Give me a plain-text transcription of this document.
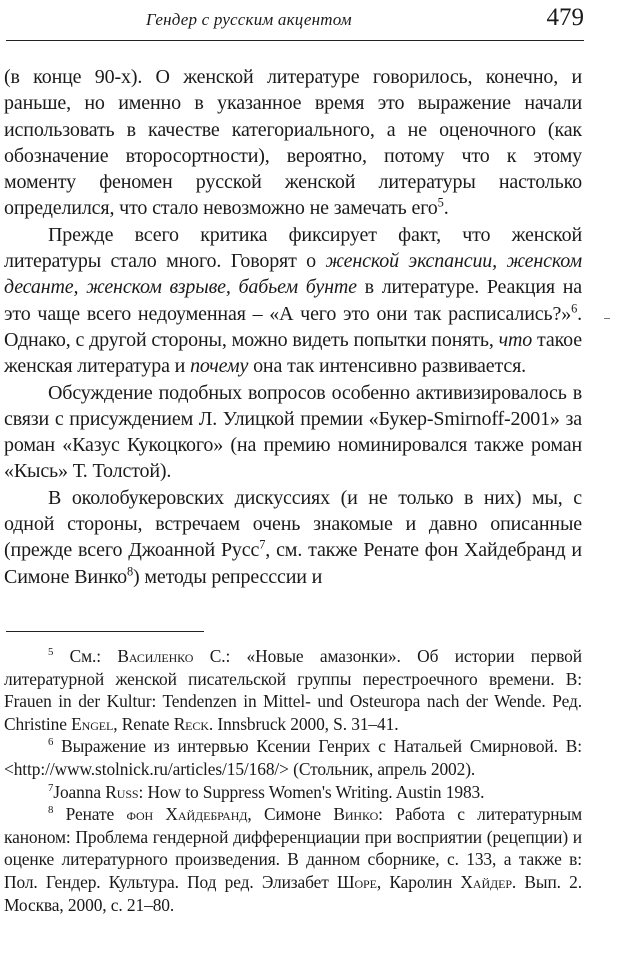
Гендер с русским акцентом	479

(в конце 90-х). О женской литературе говорилось, конечно, и раньше, но именно в указанное время это выражение начали использовать в качестве категориального, а не оценочного (как обозначение второсортности), вероятно, потому что к этому моменту феномен русской женской литературы настолько определился, что стало невозможно не замечать его$^5$.

Прежде всего критика фиксирует факт, что женской литературы стало много. Говорят о женской экспансии, женском десанте, женском взрыве, бабьем бунте в литературе. Реакция на это чаще всего недоуменная – «А чего это они так расписались?»$^6$. Однако, с другой стороны, можно видеть попытки понять, что такое женская литература и почему она так интенсивно развивается.

Обсуждение подобных вопросов особенно активизировалось в связи с присуждением Л. Улицкой премии «Букер-Smirnoff-2001» за роман «Казус Кукоцкого» (на премию номинировался также роман «Кысь» Т. Толстой).

В околобукеровских дискуссиях (и не только в них) мы, с одной стороны, встречаем очень знакомые и давно описанные (прежде всего Джоанной Русс$^7$, см. также Ренате фон Хайдебранд и Симоне Винко$^8$) методы репрессcии и

$^5$ См.: Василенко С.: «Новые амазонки». Об истории первой литературной женской писательской группы перестроечного времени. В: Frauen in der Kultur: Tendenzen in Mittel- und Osteuropa nach der Wende. Ред. Christine Engel, Renate Reck. Innsbruck 2000, S. 31–41.

$^6$ Выражение из интервью Ксении Генрих с Натальей Смирновой. В: <http://www.stolnick.ru/articles/15/168/> (Стольник, апрель 2002).

$^7$Joanna Russ: How to Suppress Women's Writing. Austin 1983.

$^8$ Ренате фон Хайдебранд, Симоне Винко: Работа с литературным каноном: Проблема гендерной дифференциации при восприятии (рецепции) и оценке литературного произведения. В данном сборнике, с. 133, а также в: Пол. Гендер. Культура. Под ред. Элизабет Шоре, Каролин Хайдер. Вып. 2. Москва, 2000, с. 21–80.
